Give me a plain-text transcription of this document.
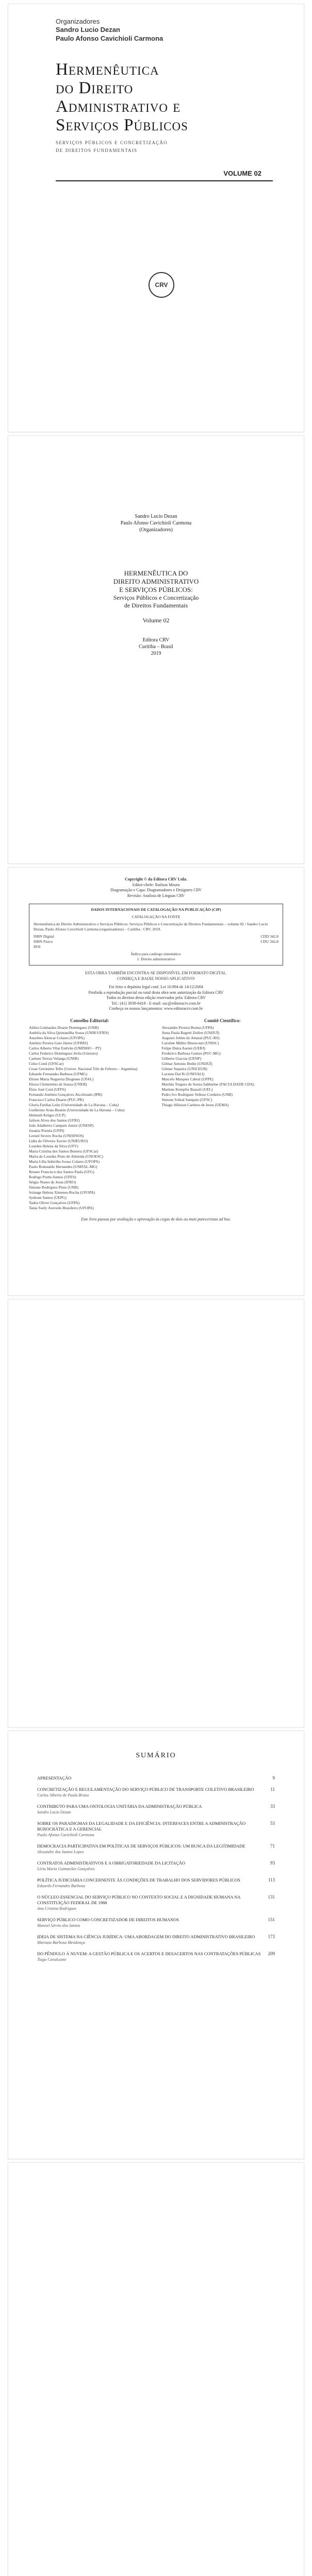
Organizadores
Sandro Lucio Dezan
Paulo Afonso Cavichioli Carmona
Hermenêutica
do Direito
Administrativo e
Serviços Públicos
serviços públicos e concretização
de direitos fundamentais
VOLUME 02
CRV
Sandro Lucio Dezan
Paulo Afonso Cavichioli Carmona
(Organizadores)
HERMENÊUTICA DO
DIREITO ADMINISTRATIVO
E SERVIÇOS PÚBLICOS:
Serviços Públicos e Concretização
de Direitos Fundamentais
Volume 02
Editora CRV
Curitiba – Brasil
2019
Copyright © da Editora CRV Ltda.
Editor-chefe: Railson Moura
Diagramação e Capa: Diagramadores e Designers CRV
Revisão: Analista de Línguas CRV
DADOS INTERNACIONAIS DE CATALOGAÇÃO NA PUBLICAÇÃO (CIP)
CATALOGAÇÃO NA FONTE
Hermenêutica do Direito Administrativo e Serviços Públicos: Serviços Públicos e Concretização de Direitos Fundamentais – volume 02 / Sandro Lucio Dezan, Paulo Afonso Cavichioli Carmona (organizadores) – Curitiba : CRV, 2019.
ISBN Digital
ISBN Físico
DOI
CDD 342.8
CDU 342.8
Índice para catálogo sistemático
1. Direito administrativo
ESTA OBRA TAMBÉM ENCONTRA-SE DISPONÍVEL EM FORMATO DIGITAL.
CONHEÇA E BAIXE NOSSO APLICATIVO!
Foi feito o depósito legal conf. Lei 10.994 de 14/12/2004
Proibida a reprodução parcial ou total desta obra sem autorização da Editora CRV
Todos os direitos desta edição reservados pela: Editora CRV
Tel.: (41) 3039-6418 - E-mail: sac@editoracrv.com.br
Conheça os nossos lançamentos: www.editoracrv.com.br
Conselho Editorial:
Aldira Guimarães Duarte Domínguez (UNB)
Andréia da Silva Quintanilha Sousa (UNIR/UFRN)
Anselmo Alencar Colares (UFOPA)
Antônio Pereira Gaio Júnior (UFRRJ)
Carlos Alberto Vilar Estêvão (UMINHO – PT)
Carlos Federico Dominguez Avila (Unieuro)
Carmen Tereza Velanga (UNIR)
Celso Conti (UFSCar)
Cesar Gerónimo Tello (Univer. Nacional Três de Febrero – Argentina)
Eduardo Fernandes Barbosa (UFMG)
Elione Maria Nogueira Diogenes (UFAL)
Elizeu Clementino de Souza (UNEB)
Élsio José Corá (UFFS)
Fernando Antônio Gonçalves Alcoforado (IPB)
Francisco Carlos Duarte (PUC-PR)
Gloria Fariñas León (Universidade de La Havana – Cuba)
Guillermo Arias Beatón (Universidade de La Havana – Cuba)
Helmuth Krüger (UCP)
Jailson Alves dos Santos (UFRJ)
João Adalberto Campato Junior (UNESP)
Josania Portela (UFPI)
Leonel Severo Rocha (UNISINOS)
Lídia de Oliveira Xavier (UNIEURO)
Lourdes Helena da Silva (UFV)
Maria Cristina dos Santos Bezerra (UFSCar)
Maria de Lourdes Pinto de Almeida (UNOESC)
Maria Lília Imbiriba Sousa Colares (UFOPA)
Paulo Romualdo Hernandes (UNIFAL-MG)
Renato Francisco dos Santos Paula (UFG)
Rodrigo Pratte-Santos (UFES)
Sérgio Nunes de Jesus (IFRO)
Simone Rodrigues Pinto (UNB)
Solange Helena Ximenes-Rocha (UFOPA)
Sydione Santos (UEPG)
Tadeu Oliver Gonçalves (UFPA)
Tania Suely Azevedo Brasileiro (UFOPA)
Comitê Científico:
Alexandre Pereira Bonna (UFPA)
Anna Paula Bagetti Zeifert (UNIJUÍ)
Augusto Jobim do Amaral (PUC-RS)
Caroline Müller Bitencourt (UNISC)
Felipe Dutra Asensi (UERJ)
Frederico Barbosa Gomes (PUC-MG)
Gilberto Giacoia (UENP)
Gilmar Antonio Bedin (UNIJUÍ)
Gilmar Siqueira (UNICEUB)
Luciene Dal Ri (UNIVALI)
Marcelo Marques Cabral (UFPE)
Marilda Tregues de Souza Sabbatine (FACULDADE CDA)
Marlene Kempfer Bassoli (UEL)
Pedro Ivo Rodrigues Velloso Cordeiro (UNB)
Simone Sobral Sampaio (UFSC)
Thiago Allisson Cardoso de Jesus (UEMA)
Este livro passou por avaliação e aprovação às cegas de dois ou mais pareceristas ad hoc.
SUMÁRIO
APRESENTAÇÃO	9
CONCRETIZAÇÃO E REGULAMENTAÇÃO DO SERVIÇO PÚBLICO DE TRANSPORTE COLETIVO BRASILEIRO
Carlos Alberto de Paula Bruno
11
CONTRIBUTO PARA UMA ONTOLOGIA UNITÁRIA DA ADMINISTRAÇÃO PÚBLICA
Sandro Lucio Dezan
33
SOBRE OS PARADIGMAS DA LEGALIDADE E DA EFICIÊNCIA: INTERFACES ENTRE A ADMINISTRAÇÃO BUROCRÁTICA E A GERENCIAL
Paulo Afonso Cavichioli Carmona
53
DEMOCRACIA PARTICIPATIVA EM POLÍTICAS DE SERVIÇOS PÚBLICOS: UM BUSCA DA LEGITIMIDADE
Alexandre dos Santos Lopes
71
CONTRATOS ADMINISTRATIVOS E A OBRIGATORIEDADE DA LICITAÇÃO
Lívia Maria Guimarães Gonçalves
93
POLÍTICA JUDICIÁRIA CONCERNENTE ÀS CONDIÇÕES DE TRABALHO DOS SERVIDORES PÚBLICOS
Eduardo Fernandes Barbosa
113
O NÚCLEO ESSENCIAL DO SERVIÇO PÚBLICO NO CONTEXTO SOCIAL E A DIGNIDADE HUMANA NA CONSTITUIÇÃO FEDERAL DE 1988
Ana Cristina Rodrigues
131
SERVIÇO PÚBLICO COMO CONCRETIZADOR DE DIREITOS HUMANOS
Manoel Sérvio dos Santos
151
IDEIA DE SISTEMA NA CIÊNCIA JURÍDICA: UMA ABORDAGEM DO DIREITO ADMINISTRATIVO BRASILEIRO
Mariana Barbosa Mendonça
173
DO PÊNDULO À NUVEM: A GESTÃO PÚBLICA E OS ACERTOS E DESACERTOS NAS CONTRATAÇÕES PÚBLICAS
Tiago Cavalcante
209
